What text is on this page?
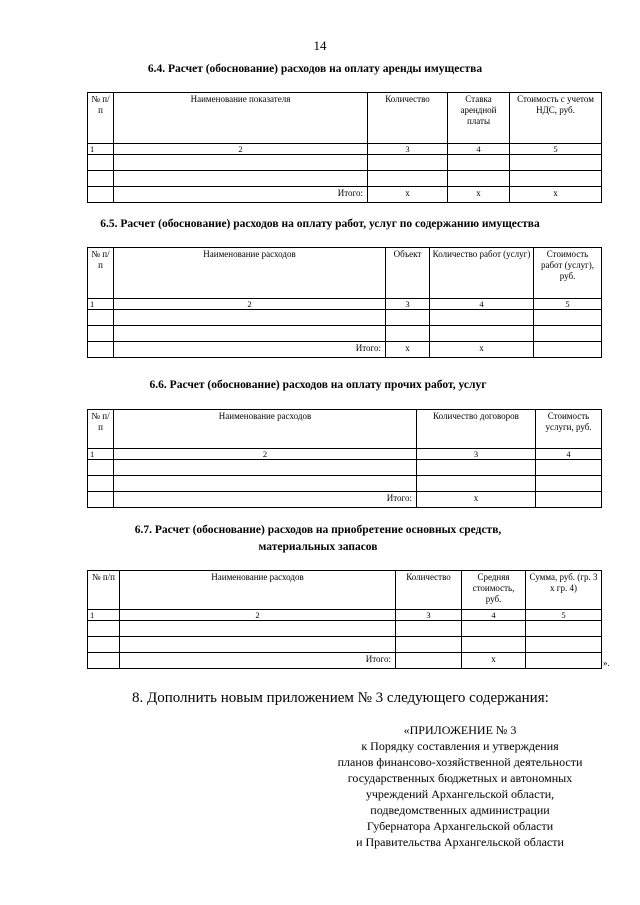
14
6.4. Расчет (обоснование) расходов на оплату аренды имущества
№ п/п	Наименование показателя	Количество	Ставка арендной платы	Стоимость с учетом НДС, руб.
1	2	3	4	5

	Итого:	х	х	х
6.5. Расчет (обоснование) расходов на оплату работ, услуг по содержанию имущества
№ п/п	Наименование расходов	Объект	Количество работ (услуг)	Стоимость работ (услуг), руб.
1	2	3	4	5

	Итого:	х	х	
6.6. Расчет (обоснование) расходов на оплату прочих работ, услуг
№ п/п	Наименование расходов	Количество договоров	Стоимость услуги, руб.
1	2	3	4

	Итого:	х	
6.7. Расчет (обоснование) расходов на приобретение основных средств,
материальных запасов
№ п/п	Наименование расходов	Количество	Средняя стоимость, руб.	Сумма, руб. (гр. 3 х гр. 4)
1	2	3	4	5

	Итого:		х		».
8. Дополнить новым приложением № 3 следующего содержания:
«ПРИЛОЖЕНИЕ № 3
к Порядку составления и утверждения
планов финансово-хозяйственной деятельности
государственных бюджетных и автономных
учреждений Архангельской области,
подведомственных администрации
Губернатора Архангельской области
и Правительства Архангельской области
